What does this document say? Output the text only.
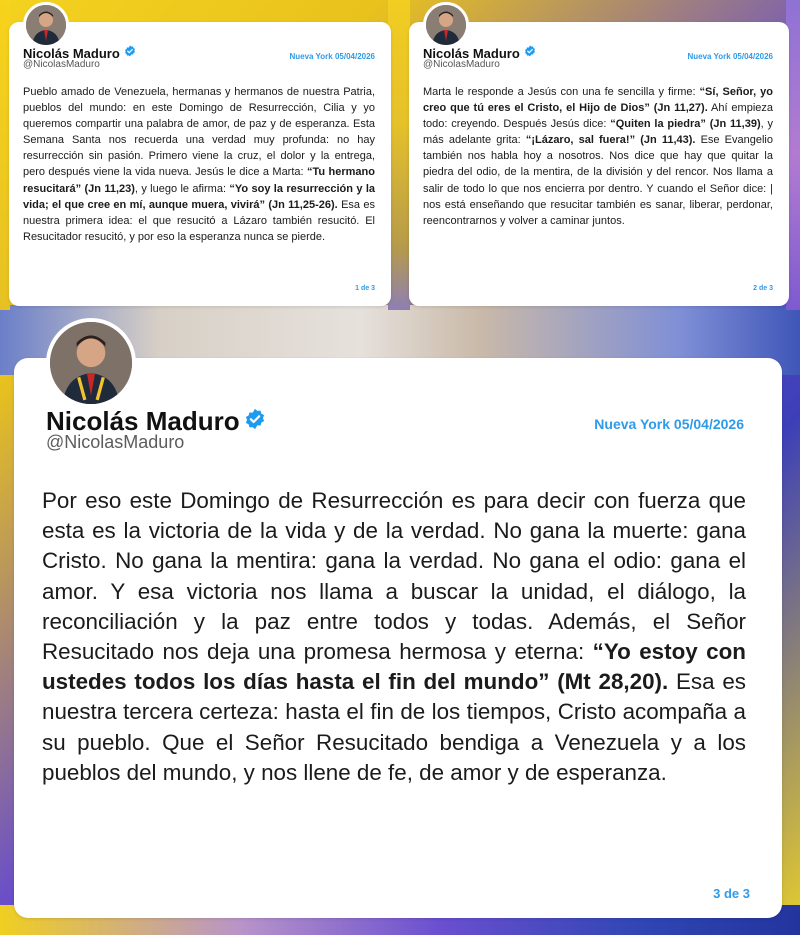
Nicolás Maduro
@NicolasMaduro
Nueva York 05/04/2026
Pueblo amado de Venezuela, hermanas y hermanos de nuestra Patria, pueblos del mundo: en este Domingo de Resurrección, Cilia y yo queremos compartir una palabra de amor, de paz y de esperanza. Esta Semana Santa nos recuerda una verdad muy profunda: no hay resurrección sin pasión. Primero viene la cruz, el dolor y la entrega, pero después viene la vida nueva. Jesús le dice a Marta: “Tu hermano resucitará” (Jn 11,23), y luego le afirma: “Yo soy la resurrección y la vida; el que cree en mí, aunque muera, vivirá” (Jn 11,25-26). Esa es nuestra primera idea: el que resucitó a Lázaro también resucitó. El Resucitador resucitó, y por eso la esperanza nunca se pierde.
1 de 3
Nicolás Maduro
@NicolasMaduro
Nueva York 05/04/2026
Marta le responde a Jesús con una fe sencilla y firme: “Sí, Señor, yo creo que tú eres el Cristo, el Hijo de Dios” (Jn 11,27). Ahí empieza todo: creyendo. Después Jesús dice: “Quiten la piedra” (Jn 11,39), y más adelante grita: “¡Lázaro, sal fuera!” (Jn 11,43). Ese Evangelio también nos habla hoy a nosotros. Nos dice que hay que quitar la piedra del odio, de la mentira, de la división y del rencor. Nos llama a salir de todo lo que nos encierra por dentro. Y cuando el Señor dice: | nos está enseñando que resucitar también es sanar, liberar, perdonar, reencontrarnos y volver a caminar juntos.
2 de 3
Nicolás Maduro
@NicolasMaduro
Nueva York 05/04/2026
Por eso este Domingo de Resurrección es para decir con fuerza que esta es la victoria de la vida y de la verdad. No gana la muerte: gana Cristo. No gana la mentira: gana la verdad. No gana el odio: gana el amor. Y esa victoria nos llama a buscar la unidad, el diálogo, la reconciliación y la paz entre todos y todas. Además, el Señor Resucitado nos deja una promesa hermosa y eterna: “Yo estoy con ustedes todos los días hasta el fin del mundo” (Mt 28,20). Esa es nuestra tercera certeza: hasta el fin de los tiempos, Cristo acompaña a su pueblo. Que el Señor Resucitado bendiga a Venezuela y a los pueblos del mundo, y nos llene de fe, de amor y de esperanza.
3 de 3
